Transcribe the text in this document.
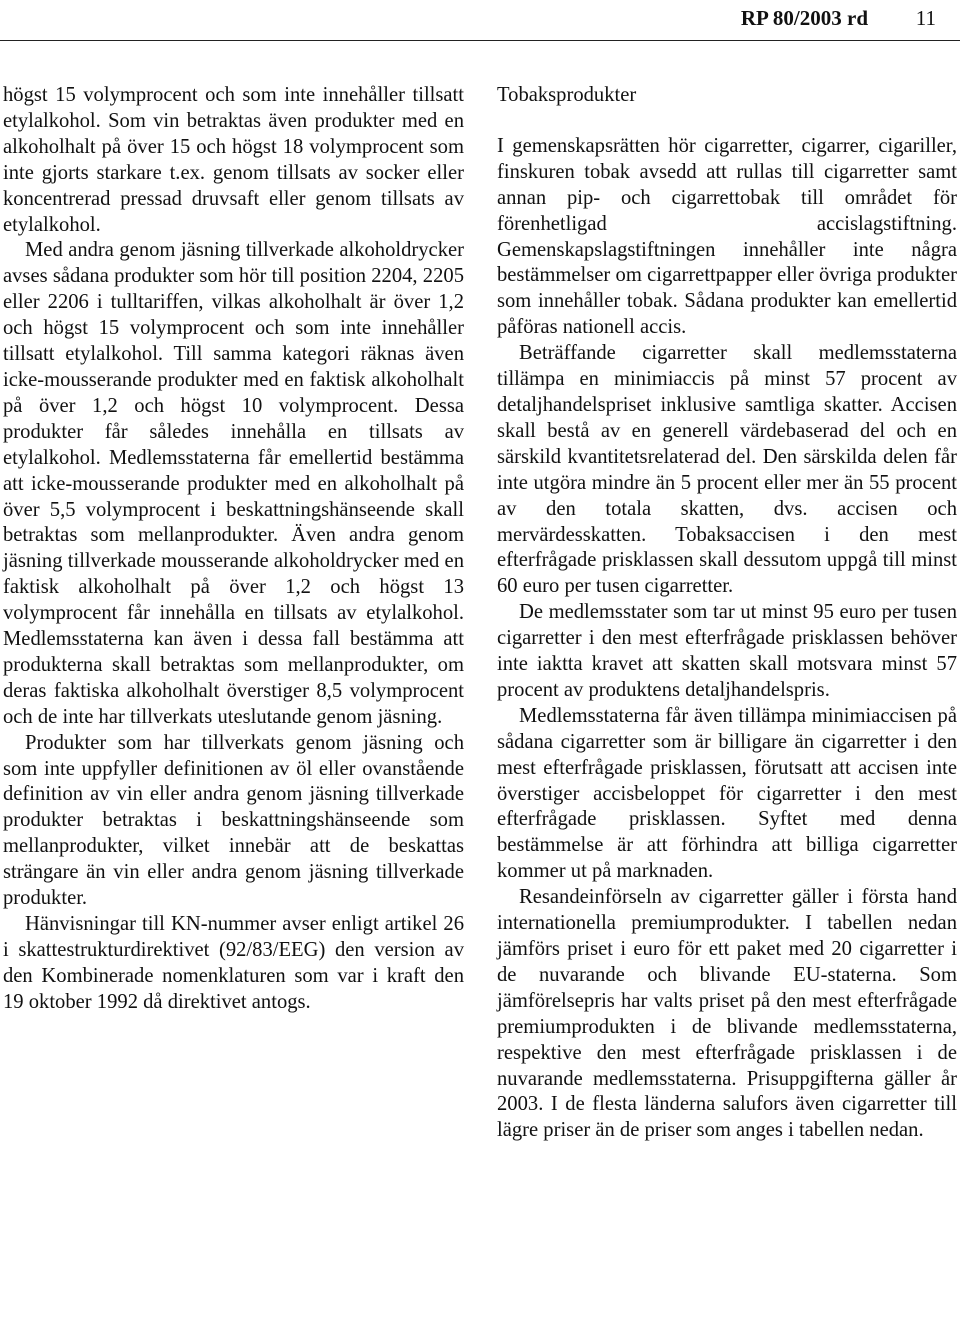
RP 80/2003 rd 11

högst 15 volymprocent och som inte innehåller tillsatt etylalkohol. Som vin betraktas även produkter med en alkoholhalt på över 15 och högst 18 volymprocent som inte gjorts starkare t.ex. genom tillsats av socker eller koncentrerad pressad druvsaft eller genom tillsats av etylalkohol.

Med andra genom jäsning tillverkade alkoholdrycker avses sådana produkter som hör till position 2204, 2205 eller 2206 i tulltariffen, vilkas alkoholhalt är över 1,2 och högst 15 volymprocent och som inte innehåller tillsatt etylalkohol. Till samma kategori räknas även icke-mousserande produkter med en faktisk alkoholhalt på över 1,2 och högst 10 volymprocent. Dessa produkter får således innehålla en tillsats av etylalkohol. Medlemsstaterna får emellertid bestämma att icke-mousserande produkter med en alkoholhalt på över 5,5 volymprocent i beskattningshänseende skall betraktas som mellanprodukter. Även andra genom jäsning tillverkade mousserande alkoholdrycker med en faktisk alkoholhalt på över 1,2 och högst 13 volymprocent får innehålla en tillsats av etylalkohol. Medlemsstaterna kan även i dessa fall bestämma att produkterna skall betraktas som mellanprodukter, om deras faktiska alkoholhalt överstiger 8,5 volymprocent och de inte har tillverkats uteslutande genom jäsning.

Produkter som har tillverkats genom jäsning och som inte uppfyller definitionen av öl eller ovanstående definition av vin eller andra genom jäsning tillverkade produkter betraktas i beskattningshänseende som mellanprodukter, vilket innebär att de beskattas strängare än vin eller andra genom jäsning tillverkade produkter.

Hänvisningar till KN-nummer avser enligt artikel 26 i skattestrukturdirektivet (92/83/EEG) den version av den Kombinerade nomenklaturen som var i kraft den 19 oktober 1992 då direktivet antogs.

Tobaksprodukter

I gemenskapsrätten hör cigarretter, cigarrer, cigariller, finskuren tobak avsedd att rullas till cigarretter samt annan pip- och cigarrettobak till området för förenhetligad accislagstiftning. Gemenskapslagstiftningen innehåller inte några bestämmelser om cigarrettpapper eller övriga produkter som innehåller tobak. Sådana produkter kan emellertid påföras nationell accis.

Beträffande cigarretter skall medlemsstaterna tillämpa en minimiaccis på minst 57 procent av detaljhandelspriset inklusive samtliga skatter. Accisen skall bestå av en generell värdebaserad del och en särskild kvantitetsrelaterad del. Den särskilda delen får inte utgöra mindre än 5 procent eller mer än 55 procent av den totala skatten, dvs. accisen och mervärdesskatten. Tobaksaccisen i den mest efterfrågade prisklassen skall dessutom uppgå till minst 60 euro per tusen cigarretter.

De medlemsstater som tar ut minst 95 euro per tusen cigarretter i den mest efterfrågade prisklassen behöver inte iaktta kravet att skatten skall motsvara minst 57 procent av produktens detaljhandelspris.

Medlemsstaterna får även tillämpa minimiaccisen på sådana cigarretter som är billigare än cigarretter i den mest efterfrågade prisklassen, förutsatt att accisen inte överstiger accisbeloppet för cigarretter i den mest efterfrågade prisklassen. Syftet med denna bestämmelse är att förhindra att billiga cigarretter kommer ut på marknaden.

Resandeinförseln av cigarretter gäller i första hand internationella premiumprodukter. I tabellen nedan jämförs priset i euro för ett paket med 20 cigarretter i de nuvarande och blivande EU-staterna. Som jämförelsepris har valts priset på den mest efterfrågade premiumprodukten i de blivande medlemsstaterna, respektive den mest efterfrågade prisklassen i de nuvarande medlemsstaterna. Prisuppgifterna gäller år 2003. I de flesta länderna salufors även cigarretter till lägre priser än de priser som anges i tabellen nedan.
